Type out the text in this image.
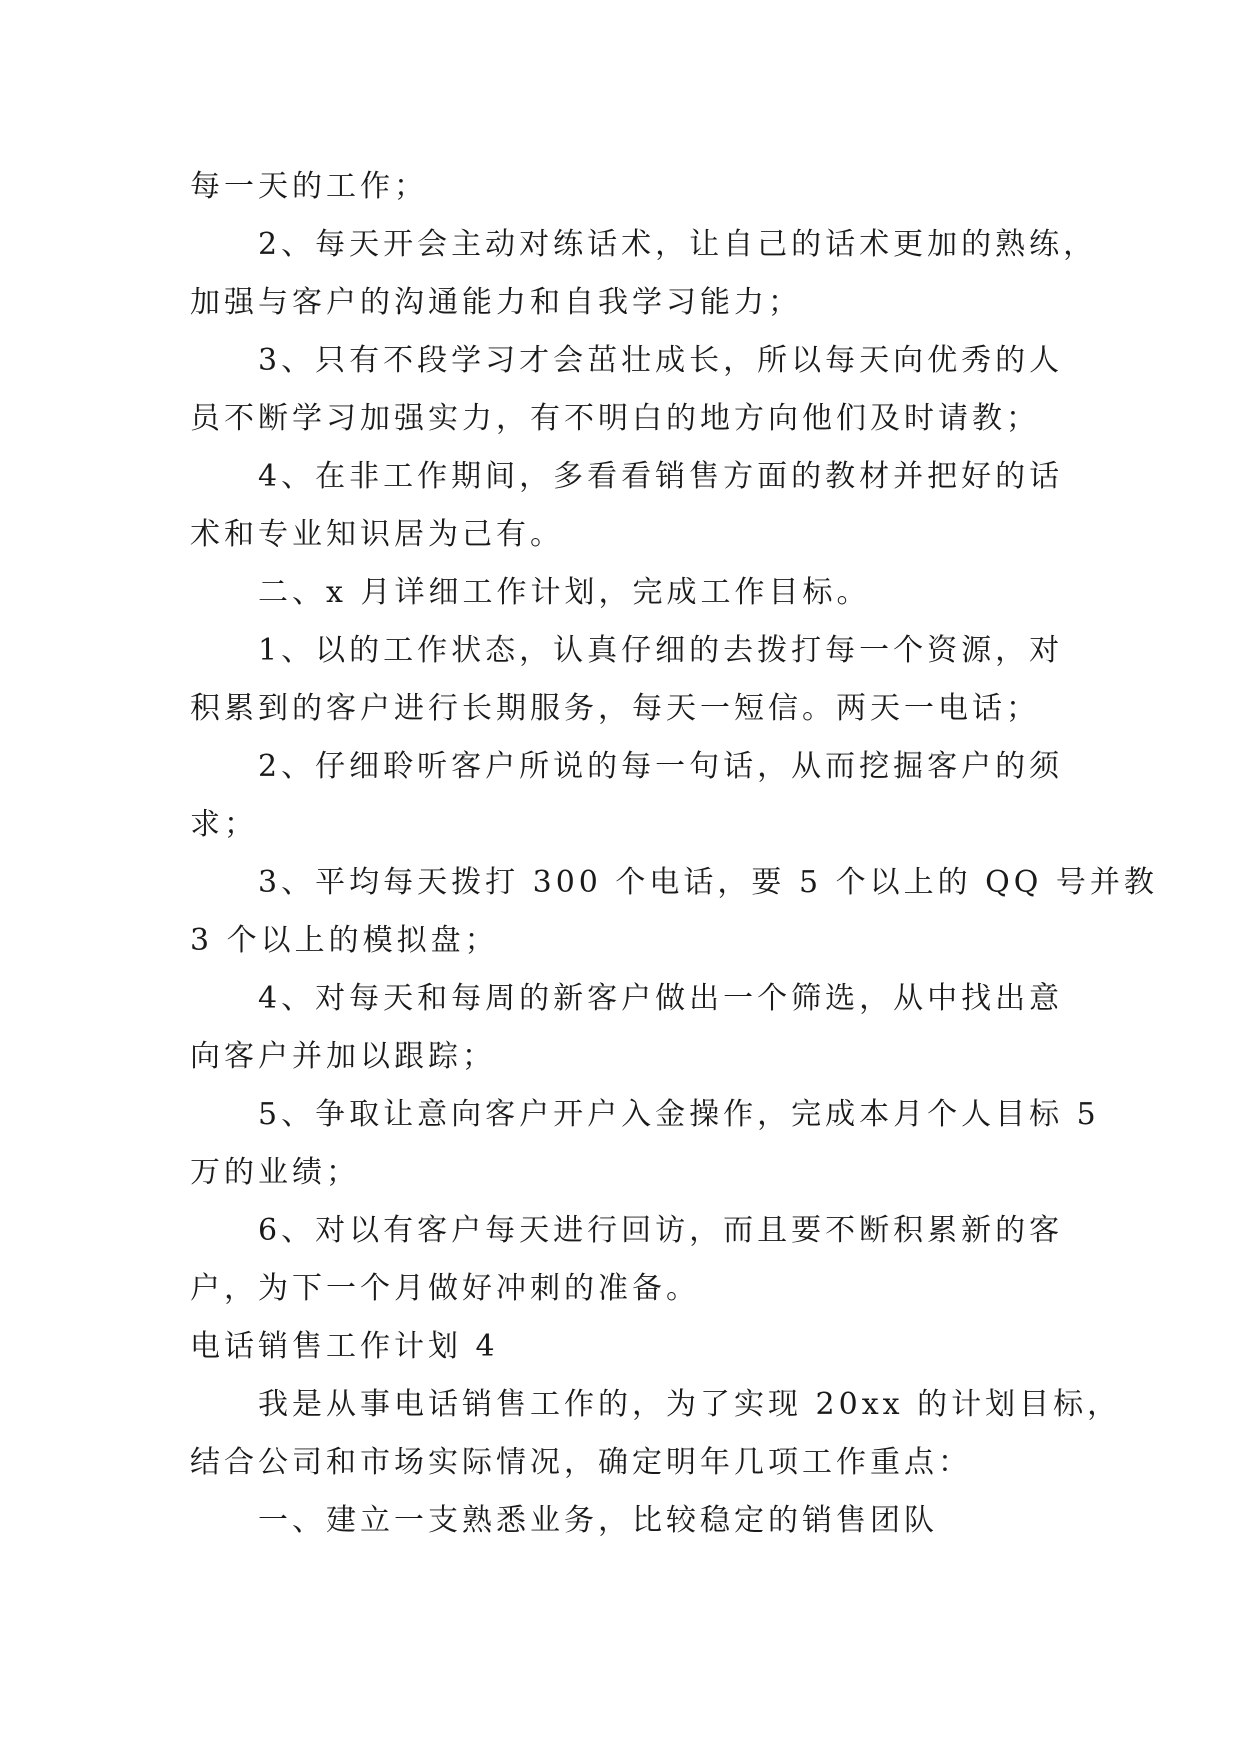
每一天的工作；
2、每天开会主动对练话术，让自己的话术更加的熟练，
加强与客户的沟通能力和自我学习能力；
3、只有不段学习才会茁壮成长，所以每天向优秀的人
员不断学习加强实力，有不明白的地方向他们及时请教；
4、在非工作期间，多看看销售方面的教材并把好的话
术和专业知识居为己有。
二、x 月详细工作计划，完成工作目标。
1、以的工作状态，认真仔细的去拨打每一个资源，对
积累到的客户进行长期服务，每天一短信。两天一电话；
2、仔细聆听客户所说的每一句话，从而挖掘客户的须
求；
3、平均每天拨打 300 个电话，要 5 个以上的 QQ 号并教
3 个以上的模拟盘；
4、对每天和每周的新客户做出一个筛选，从中找出意
向客户并加以跟踪；
5、争取让意向客户开户入金操作，完成本月个人目标 5
万的业绩；
6、对以有客户每天进行回访，而且要不断积累新的客
户，为下一个月做好冲刺的准备。
电话销售工作计划 4
我是从事电话销售工作的，为了实现 20xx 的计划目标，
结合公司和市场实际情况，确定明年几项工作重点：
一、建立一支熟悉业务，比较稳定的销售团队
